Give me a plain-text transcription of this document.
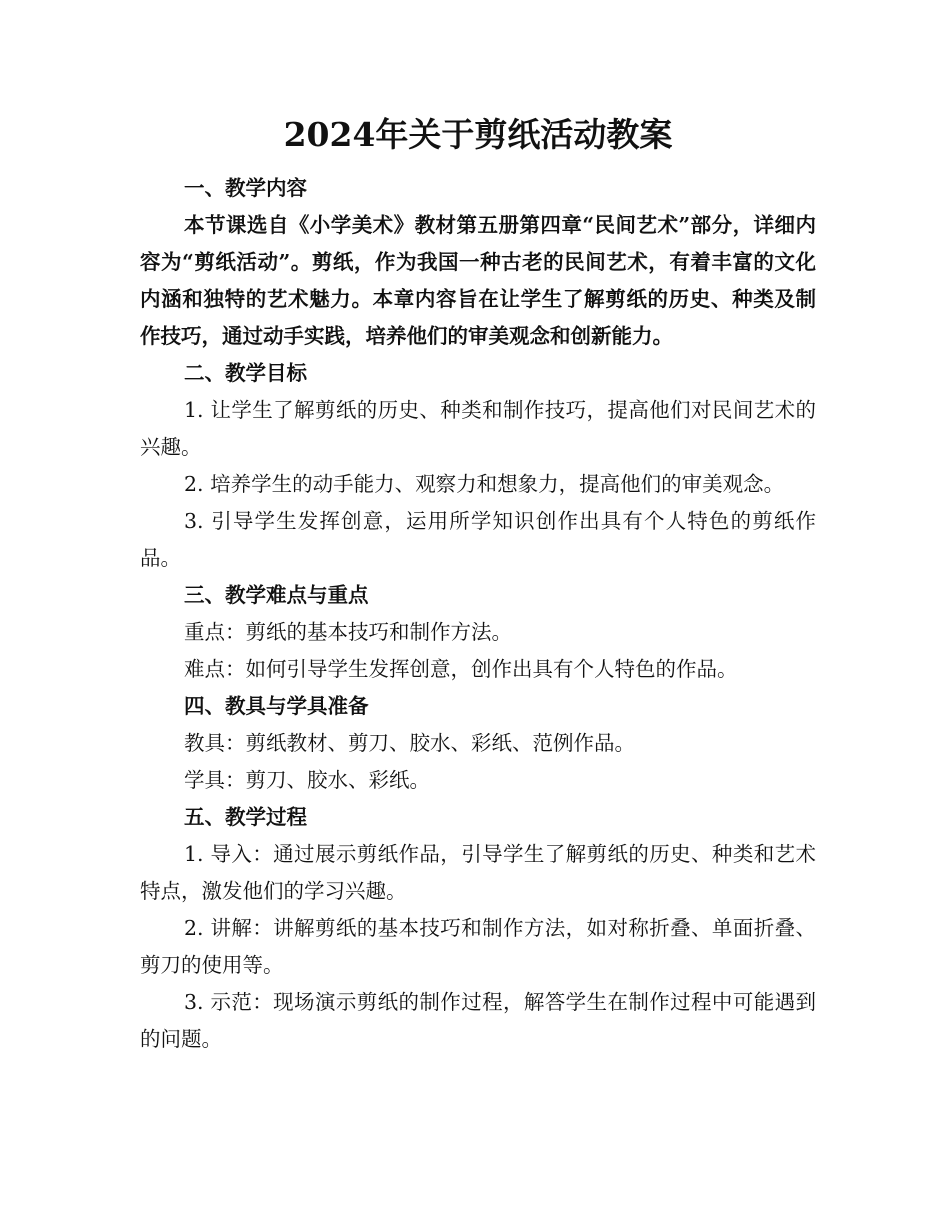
2024年关于剪纸活动教案

一、教学内容

本节课选自《小学美术》教材第五册第四章“民间艺术”部分，详细内容为“剪纸活动”。剪纸，作为我国一种古老的民间艺术，有着丰富的文化内涵和独特的艺术魅力。本章内容旨在让学生了解剪纸的历史、种类及制作技巧，通过动手实践，培养他们的审美观念和创新能力。

二、教学目标

1. 让学生了解剪纸的历史、种类和制作技巧，提高他们对民间艺术的兴趣。

2. 培养学生的动手能力、观察力和想象力，提高他们的审美观念。

3. 引导学生发挥创意，运用所学知识创作出具有个人特色的剪纸作品。

三、教学难点与重点

重点：剪纸的基本技巧和制作方法。

难点：如何引导学生发挥创意，创作出具有个人特色的作品。

四、教具与学具准备

教具：剪纸教材、剪刀、胶水、彩纸、范例作品。

学具：剪刀、胶水、彩纸。

五、教学过程

1. 导入：通过展示剪纸作品，引导学生了解剪纸的历史、种类和艺术特点，激发他们的学习兴趣。

2. 讲解：讲解剪纸的基本技巧和制作方法，如对称折叠、单面折叠、剪刀的使用等。

3. 示范：现场演示剪纸的制作过程，解答学生在制作过程中可能遇到的问题。
